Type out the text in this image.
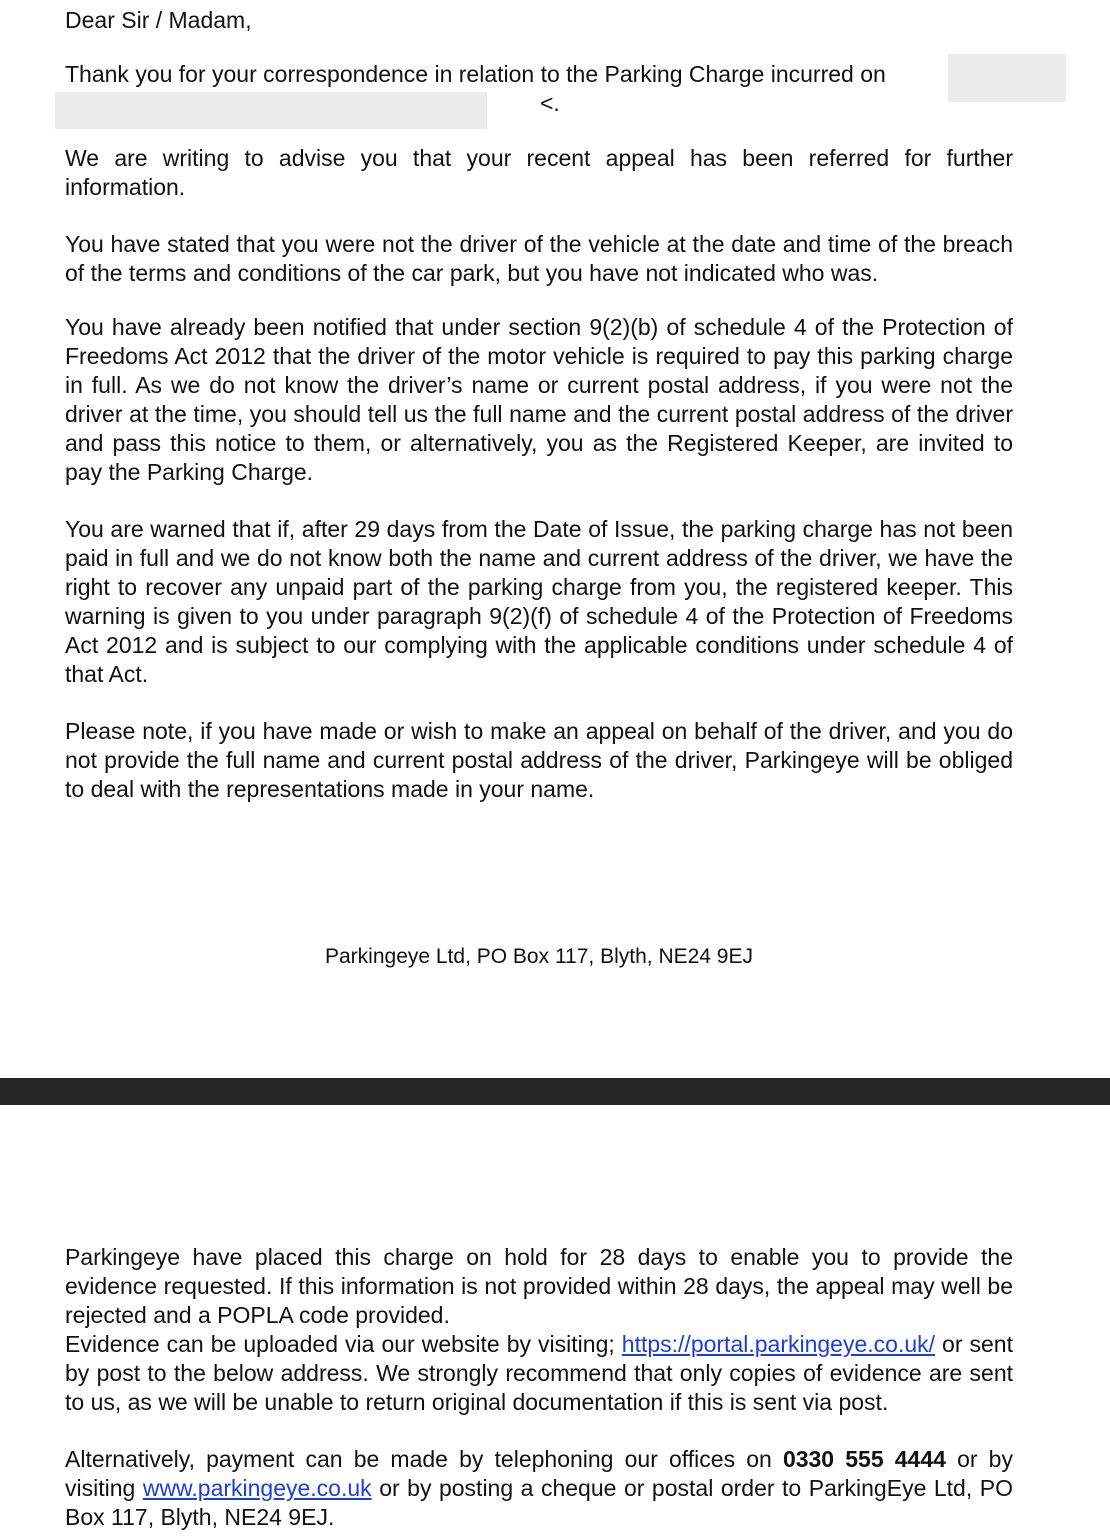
Dear Sir / Madam,

Thank you for your correspondence in relation to the Parking Charge incurred on

<.

We are writing to advise you that your recent appeal has been referred for further information.

You have stated that you were not the driver of the vehicle at the date and time of the breach of the terms and conditions of the car park, but you have not indicated who was.

You have already been notified that under section 9(2)(b) of schedule 4 of the Protection of Freedoms Act 2012 that the driver of the motor vehicle is required to pay this parking charge in full. As we do not know the driver’s name or current postal address, if you were not the driver at the time, you should tell us the full name and the current postal address of the driver and pass this notice to them, or alternatively, you as the Registered Keeper, are invited to pay the Parking Charge.

You are warned that if, after 29 days from the Date of Issue, the parking charge has not been paid in full and we do not know both the name and current address of the driver, we have the right to recover any unpaid part of the parking charge from you, the registered keeper. This warning is given to you under paragraph 9(2)(f) of schedule 4 of the Protection of Freedoms Act 2012 and is subject to our complying with the applicable conditions under schedule 4 of that Act.

Please note, if you have made or wish to make an appeal on behalf of the driver, and you do not provide the full name and current postal address of the driver, Parkingeye will be obliged to deal with the representations made in your name.

Parkingeye Ltd, PO Box 117, Blyth, NE24 9EJ

Parkingeye have placed this charge on hold for 28 days to enable you to provide the evidence requested. If this information is not provided within 28 days, the appeal may well be rejected and a POPLA code provided.

Evidence can be uploaded via our website by visiting; https://portal.parkingeye.co.uk/ or sent by post to the below address. We strongly recommend that only copies of evidence are sent to us, as we will be unable to return original documentation if this is sent via post.

Alternatively, payment can be made by telephoning our offices on 0330 555 4444 or by visiting www.parkingeye.co.uk or by posting a cheque or postal order to ParkingEye Ltd, PO Box 117, Blyth, NE24 9EJ.
